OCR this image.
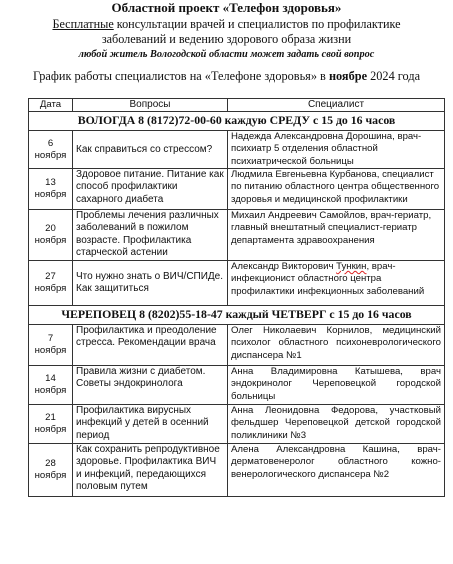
Областной проект «Телефон здоровья»
Бесплатные консультации врачей и специалистов по профилактике
заболеваний и ведению здорового образа жизни
любой житель Вологодской области может задать свой вопрос
График работы специалистов на «Телефоне здоровья» в ноябре 2024 года
Дата	Вопросы	Специалист
ВОЛОГДА 8 (8172)72-00-60 каждую СРЕДУ с 15 до 16 часов		
6
ноября	Как справиться со стрессом?	Надежда Александровна Дорошина, врач-психиатр 5 отделения областной психиатрической больницы
13
ноября	Здоровое питание. Питание как способ профилактики сахарного диабета	Людмила Евгеньевна Курбанова, специалист по питанию областного центра общественного здоровья и медицинской профилактики
20
ноября	Проблемы лечения различных заболеваний в пожилом возрасте. Профилактика старческой астении	Михаил Андреевич Самойлов, врач-гериатр, главный внештатный специалист-гериатр департамента здравоохранения
27
ноября	Что нужно знать о ВИЧ/СПИДе. Как защититься	Александр Викторович Тункин, врач-инфекционист областного центра профилактики инфекционных заболеваний
ЧЕРЕПОВЕЦ 8 (8202)55-18-47 каждый ЧЕТВЕРГ с 15 до 16 часов		
7
ноября	Профилактика и преодоление стресса. Рекомендации врача	Олег Николаевич Корнилов, медицинский психолог областного психоневрологического диспансера №1
14
ноября	Правила жизни с диабетом. Советы эндокринолога	Анна Владимировна Катышева, врач эндокринолог Череповецкой городской больницы
21
ноября	Профилактика вирусных инфекций у детей в осенний период	Анна Леонидовна Федорова, участковый фельдшер Череповецкой детской городской поликлиники №3
28
ноября	Как сохранить репродуктивное здоровье. Профилактика ВИЧ и инфекций, передающихся половым путем	Алена Александровна Кашина, врач-дерматовенеролог областного кожно-венерологического диспансера №2
